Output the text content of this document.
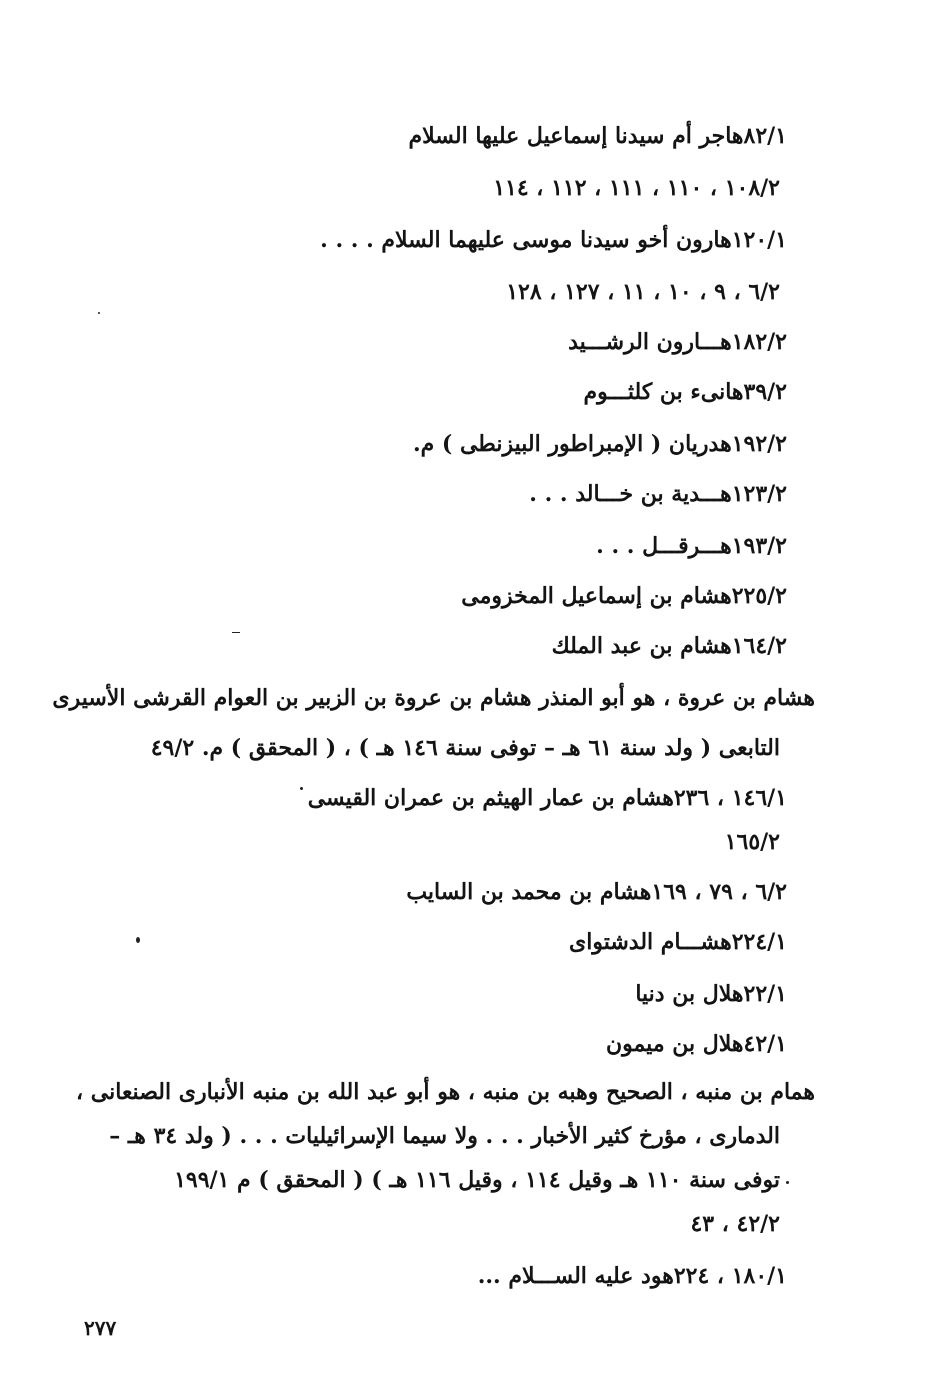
هاجر أم سيدنا إسماعيل عليها السلام٨٢/١
١٠٨/٢ ، ١١٠ ، ١١١ ، ١١٢ ، ١١٤
هارون أخو سيدنا موسى عليهما السلام . . . .١٢٠/١
٦/٢ ، ٩ ، ١٠ ، ١١ ، ١٢٧ ، ١٢٨
هـــارون الرشـــيد١٨٢/٢
هانىء بن كلثـــوم٣٩/٢
هدريان ( الإمبراطور البيزنطى ) م.١٩٢/٢
هـــدية بن خـــالد . . .١٢٣/٢
هـــرقـــل . . .١٩٣/٢
هشام بن إسماعيل المخزومى٢٢٥/٢
هشام بن عبد الملك١٦٤/٢
هشام بن عروة ، هو أبو المنذر هشام بن عروة بن الزبير بن العوام القرشى الأسيرى
التابعى ( ولد سنة ٦١ هـ – توفى سنة ١٤٦ هـ ) ، ( المحقق ) م. ٤٩/٢
هشام بن عمار الهيثم بن عمران القيسى١٤٦/١ ، ٢٣٦
١٦٥/٢
هشام بن محمد بن السايب٦/٢ ، ٧٩ ، ١٦٩
هشـــام الدشتواى٢٢٤/١
هلال بن دنيا٢٢/١
هلال بن ميمون٤٢/١
همام بن منبه ، الصحيح وهبه بن منبه ، هو أبو عبد الله بن منبه الأنبارى الصنعانى ،
الدمارى ، مؤرخ كثير الأخبار . . . ولا سيما الإسرائيليات . . . ( ولد ٣٤ هـ –
توفى سنة ١١٠ هـ وقيل ١١٤ ، وقيل ١١٦ هـ ) ( المحقق ) م ١٩٩/١
٤٢/٢ ، ٤٣
هود عليه الســـلام ...١٨٠/١ ، ٢٢٤
٢٧٧
